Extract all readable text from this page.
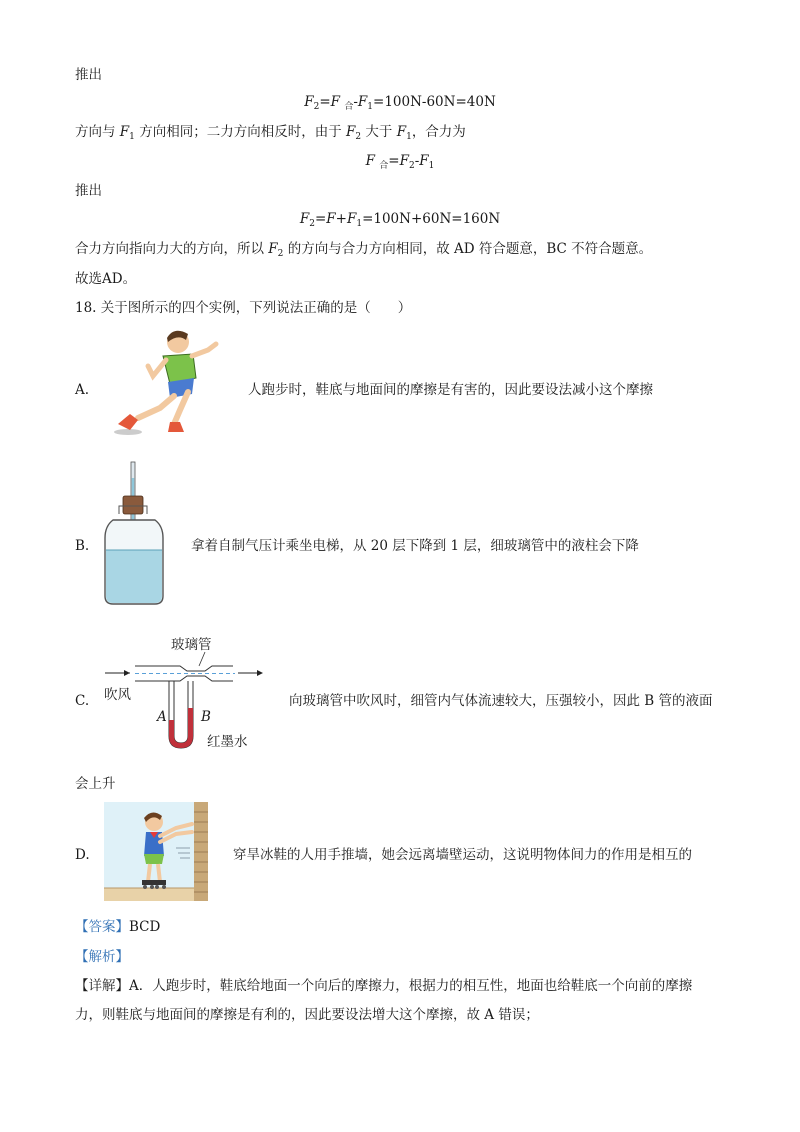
推出
$F_2=F$ $_合-F_1=100N-60N=40N$
方向与 $F_1$ 方向相同；二力方向相反时，由于 $F_2$ 大于 $F_1$，合力为
F $_合=F_2-F_1$
推出
$F_2=F+F_1=100N+60N=160N$
合力方向指向力大的方向，所以 $F_2$ 的方向与合力方向相同，故 AD 符合题意，BC 不符合题意。
故选AD。
18. 关于图所示的四个实例，下列说法正确的是（　　）
A.	人跑步时，鞋底与地面间的摩擦是有害的，因此要设法减小这个摩擦
B.	拿着自制气压计乘坐电梯，从 20 层下降到 1 层，细玻璃管中的液柱会下降
C.
玻璃管
吹风
A	B
红墨水
向玻璃管中吹风时，细管内气体流速较大，压强较小，因此 B 管的液面
会上升
D.	穿旱冰鞋的人用手推墙，她会远离墙壁运动，这说明物体间力的作用是相互的
【答案】BCD
【解析】
【详解】A．人跑步时，鞋底给地面一个向后的摩擦力，根据力的相互性，地面也给鞋底一个向前的摩擦
力，则鞋底与地面间的摩擦是有利的，因此要设法增大这个摩擦，故 A 错误；
